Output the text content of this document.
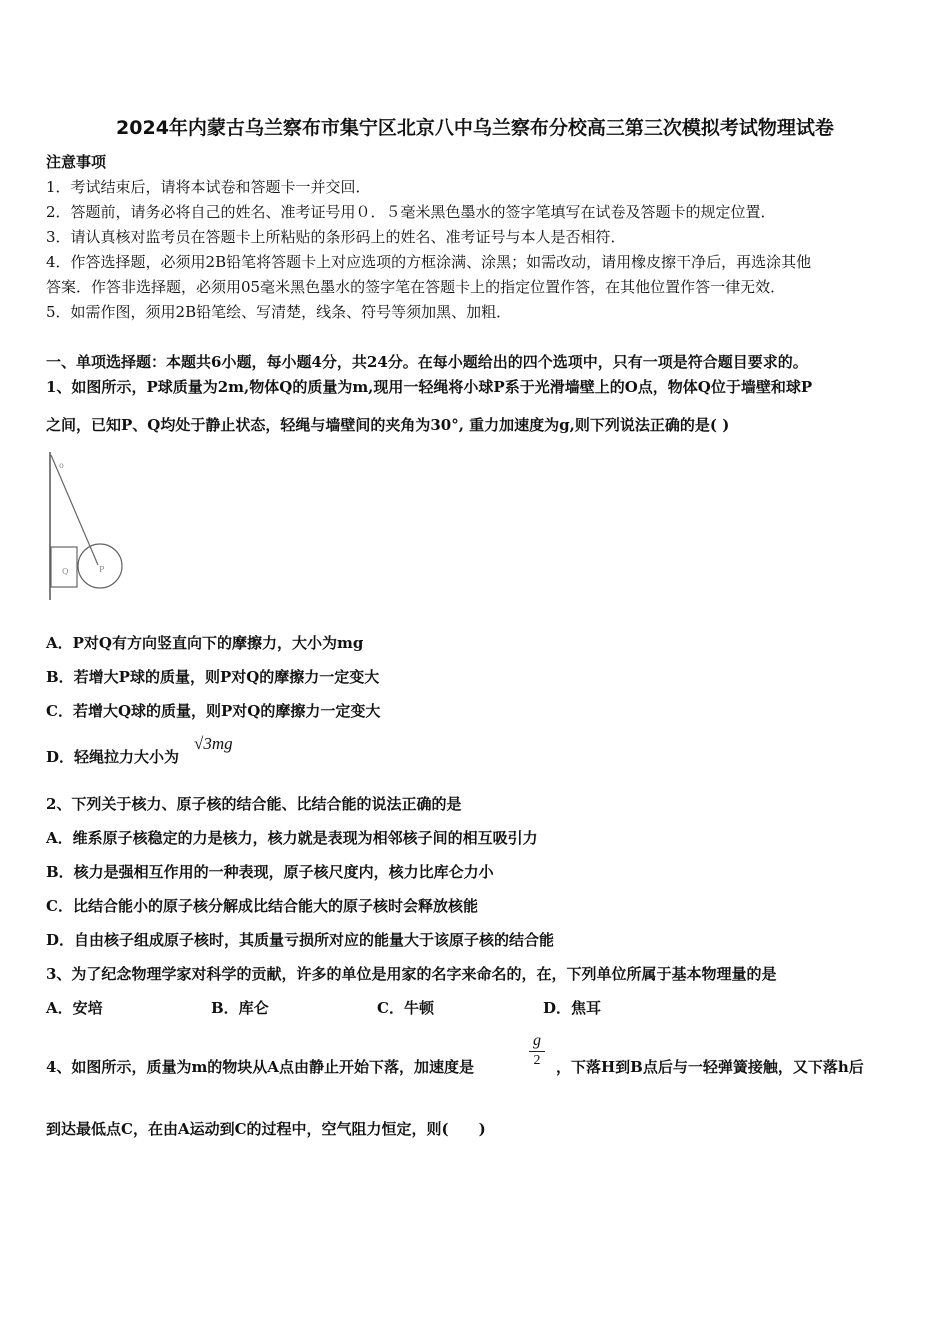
2024年内蒙古乌兰察布市集宁区北京八中乌兰察布分校高三第三次模拟考试物理试卷
注意事项
1．考试结束后，请将本试卷和答题卡一并交回．
2．答题前，请务必将自己的姓名、准考证号用０．５毫米黑色墨水的签字笔填写在试卷及答题卡的规定位置．
3．请认真核对监考员在答题卡上所粘贴的条形码上的姓名、准考证号与本人是否相符．
4．作答选择题，必须用2B铅笔将答题卡上对应选项的方框涂满、涂黑；如需改动，请用橡皮擦干净后，再选涂其他
答案．作答非选择题，必须用05毫米黑色墨水的签字笔在答题卡上的指定位置作答，在其他位置作答一律无效．
5．如需作图，须用2B铅笔绘、写清楚，线条、符号等须加黑、加粗．
一、单项选择题：本题共6小题，每小题4分，共24分。在每小题给出的四个选项中，只有一项是符合题目要求的。
1、如图所示，P球质量为2m,物体Q的质量为m,现用一轻绳将小球P系于光滑墙壁上的O点，物体Q位于墙壁和球P
之间，已知P、Q均处于静止状态，轻绳与墙壁间的夹角为30°, 重力加速度为g,则下列说法正确的是( )
o
Q	P
A．P对Q有方向竖直向下的摩擦力，大小为mg
B．若增大P球的质量，则P对Q的摩擦力一定变大
C．若增大Q球的质量，则P对Q的摩擦力一定变大
D．轻绳拉力大小为
√3mg
2、下列关于核力、原子核的结合能、比结合能的说法正确的是
A．维系原子核稳定的力是核力，核力就是表现为相邻核子间的相互吸引力
B．核力是强相互作用的一种表现，原子核尺度内，核力比库仑力小
C．比结合能小的原子核分解成比结合能大的原子核时会释放核能
D．自由核子组成原子核时，其质量亏损所对应的能量大于该原子核的结合能
3、为了纪念物理学家对科学的贡献，许多的单位是用家的名字来命名的，在，下列单位所属于基本物理量的是
A．安培	B．库仑	C．牛顿	D．焦耳
4、如图所示，质量为m的物块从A点由静止开始下落，加速度是
g
2	，下落H到B点后与一轻弹簧接触，又下落h后
到达最低点C，在由A运动到C的过程中，空气阻力恒定，则(　　)
